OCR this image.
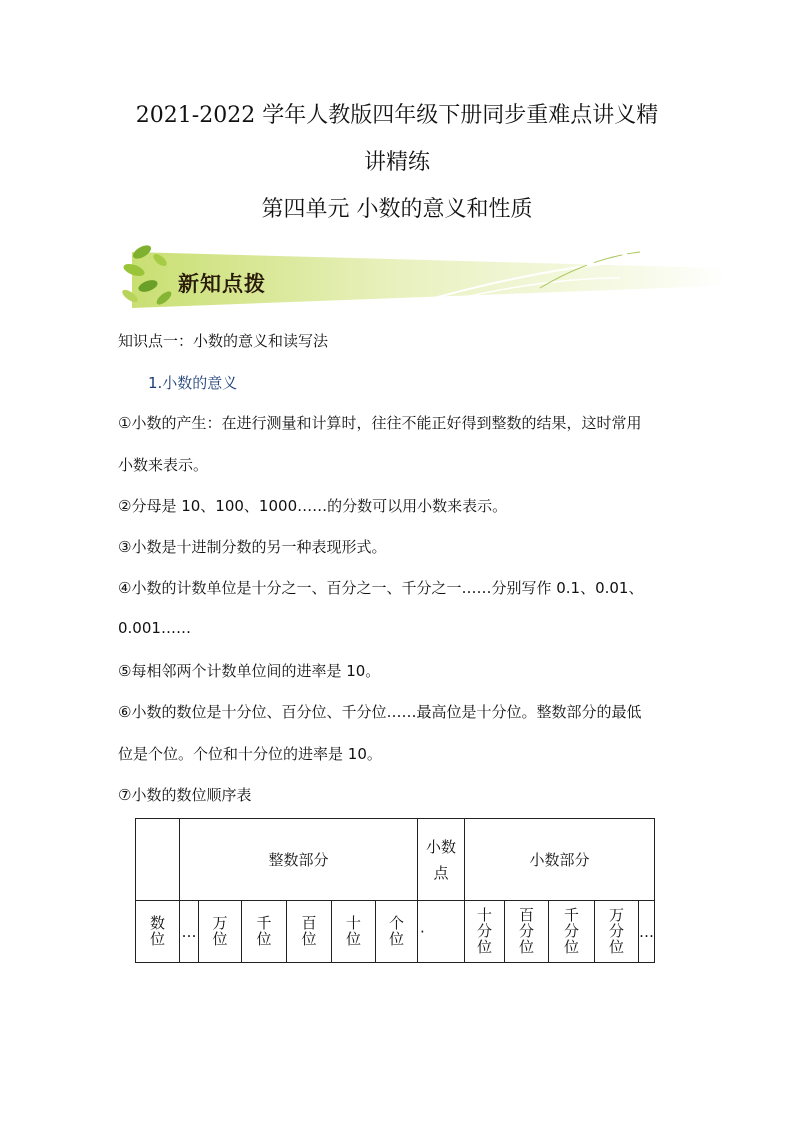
2021-2022 学年人教版四年级下册同步重难点讲义精
讲精练
第四单元 小数的意义和性质
新知点拨
知识点一：小数的意义和读写法
1.小数的意义
①小数的产生：在进行测量和计算时，往往不能正好得到整数的结果，这时常用
小数来表示。
②分母是 10、100、1000……的分数可以用小数来表示。
③小数是十进制分数的另一种表现形式。
④小数的计数单位是十分之一、百分之一、千分之一……分别写作 0.1、0.01、
0.001……
⑤每相邻两个计数单位间的进率是 10。
⑥小数的数位是十分位、百分位、千分位……最高位是十分位。整数部分的最低
位是个位。个位和十分位的进率是 10。
⑦小数的数位顺序表
	整数部分						小数点	小数部分				
数位	…	万位	千位	百位	十位	个位	·	十分位	百分位	千分位	万分位	…
